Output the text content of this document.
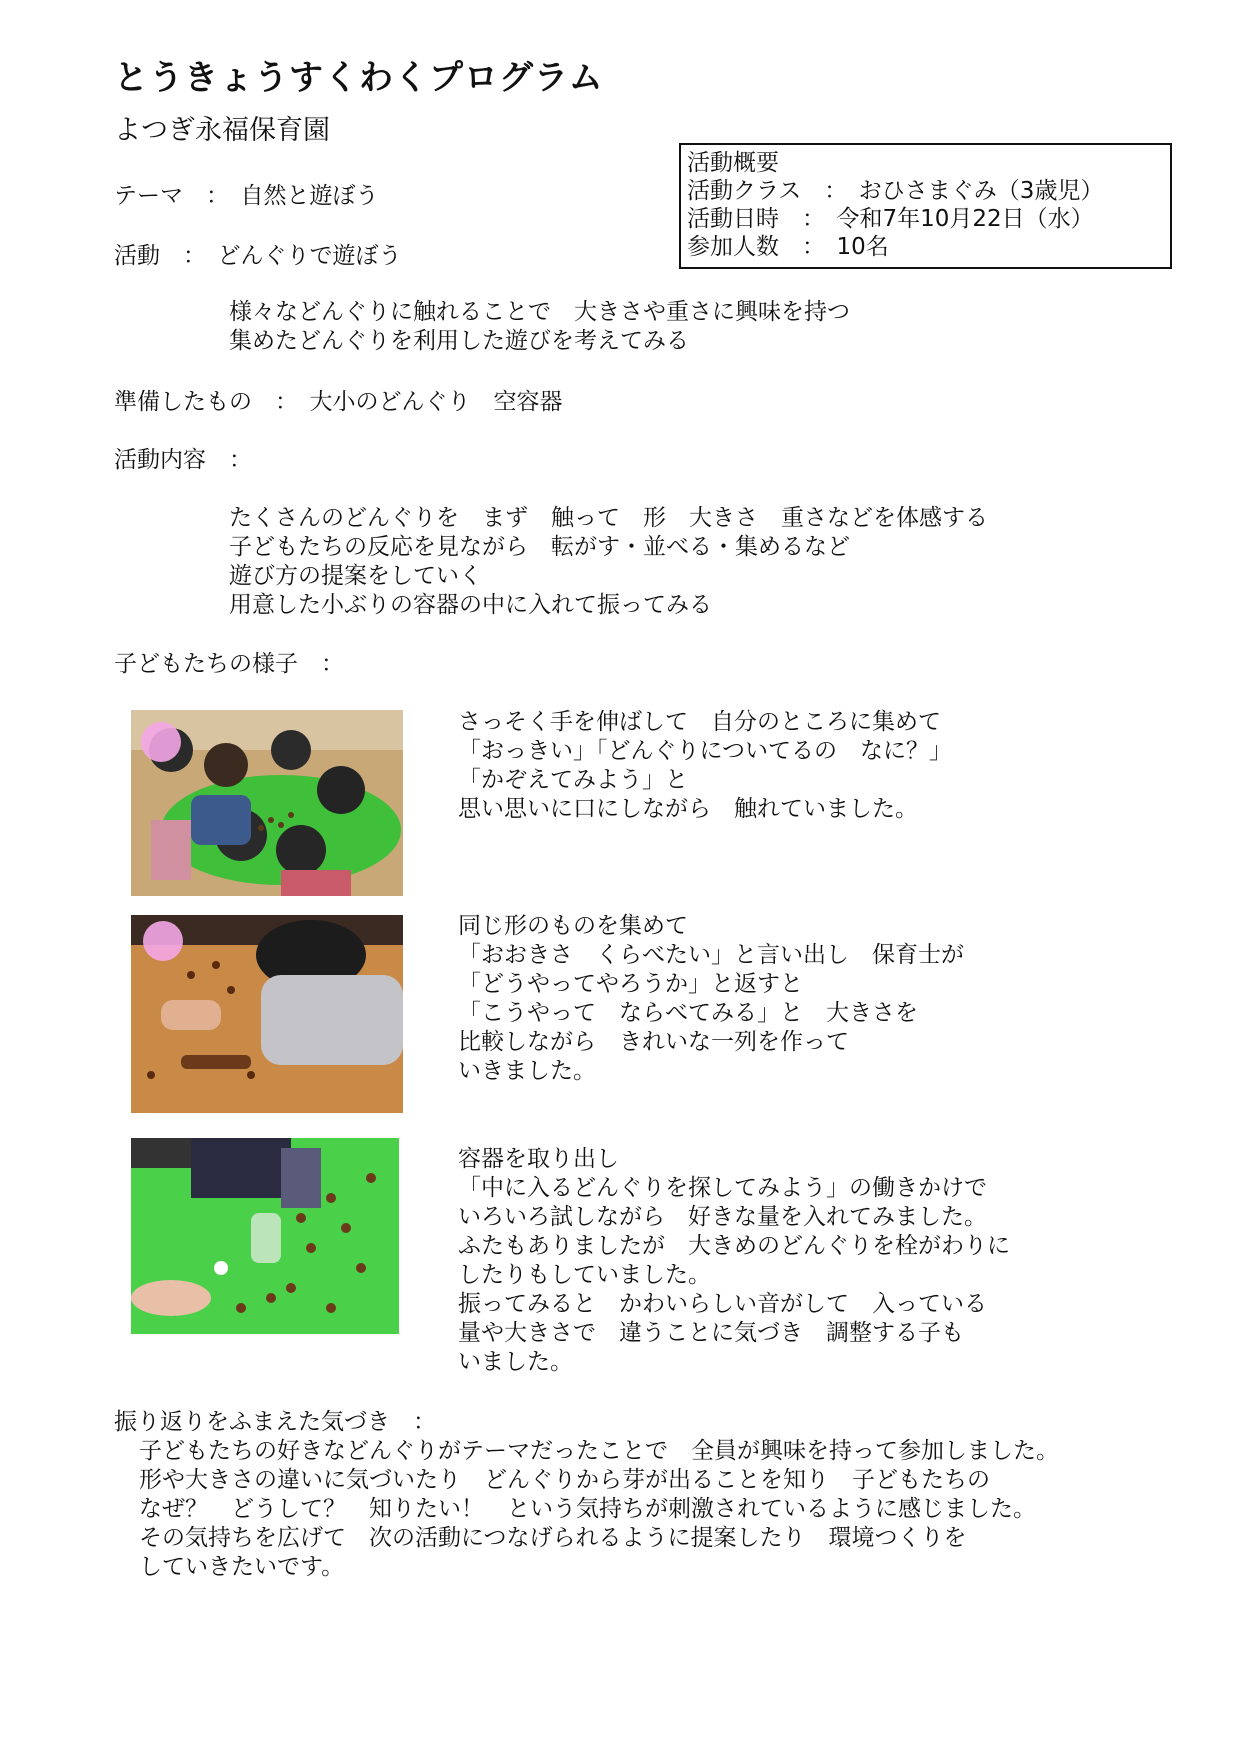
とうきょうすくわくプログラム
よつぎ永福保育園
活動概要
活動クラス　：　おひさまぐみ（3歳児）
活動日時　：　令和7年10月22日（水）
参加人数　：　10名
テーマ　：　自然と遊ぼう
活動　：　どんぐりで遊ぼう
様々などんぐりに触れることで　大きさや重さに興味を持つ
集めたどんぐりを利用した遊びを考えてみる
準備したもの　：　大小のどんぐり　空容器
活動内容　：
たくさんのどんぐりを　まず　触って　形　大きさ　重さなどを体感する
子どもたちの反応を見ながら　転がす・並べる・集めるなど
遊び方の提案をしていく
用意した小ぶりの容器の中に入れて振ってみる
子どもたちの様子　：
さっそく手を伸ばして　自分のところに集めて
「おっきい」「どんぐりについてるの　なに？」
「かぞえてみよう」と
思い思いに口にしながら　触れていました。
同じ形のものを集めて
「おおきさ　くらべたい」と言い出し　保育士が
「どうやってやろうか」と返すと
「こうやって　ならべてみる」と　大きさを
比較しながら　きれいな一列を作って
いきました。
容器を取り出し
「中に入るどんぐりを探してみよう」の働きかけで
いろいろ試しながら　好きな量を入れてみました。
ふたもありましたが　大きめのどんぐりを栓がわりに
したりもしていました。
振ってみると　かわいらしい音がして　入っている
量や大きさで　違うことに気づき　調整する子も
いました。
振り返りをふまえた気づき　：
子どもたちの好きなどんぐりがテーマだったことで　全員が興味を持って参加しました。
形や大きさの違いに気づいたり　どんぐりから芽が出ることを知り　子どもたちの
なぜ？　どうして？　知りたい！　という気持ちが刺激されているように感じました。
その気持ちを広げて　次の活動につなげられるように提案したり　環境つくりを
していきたいです。
